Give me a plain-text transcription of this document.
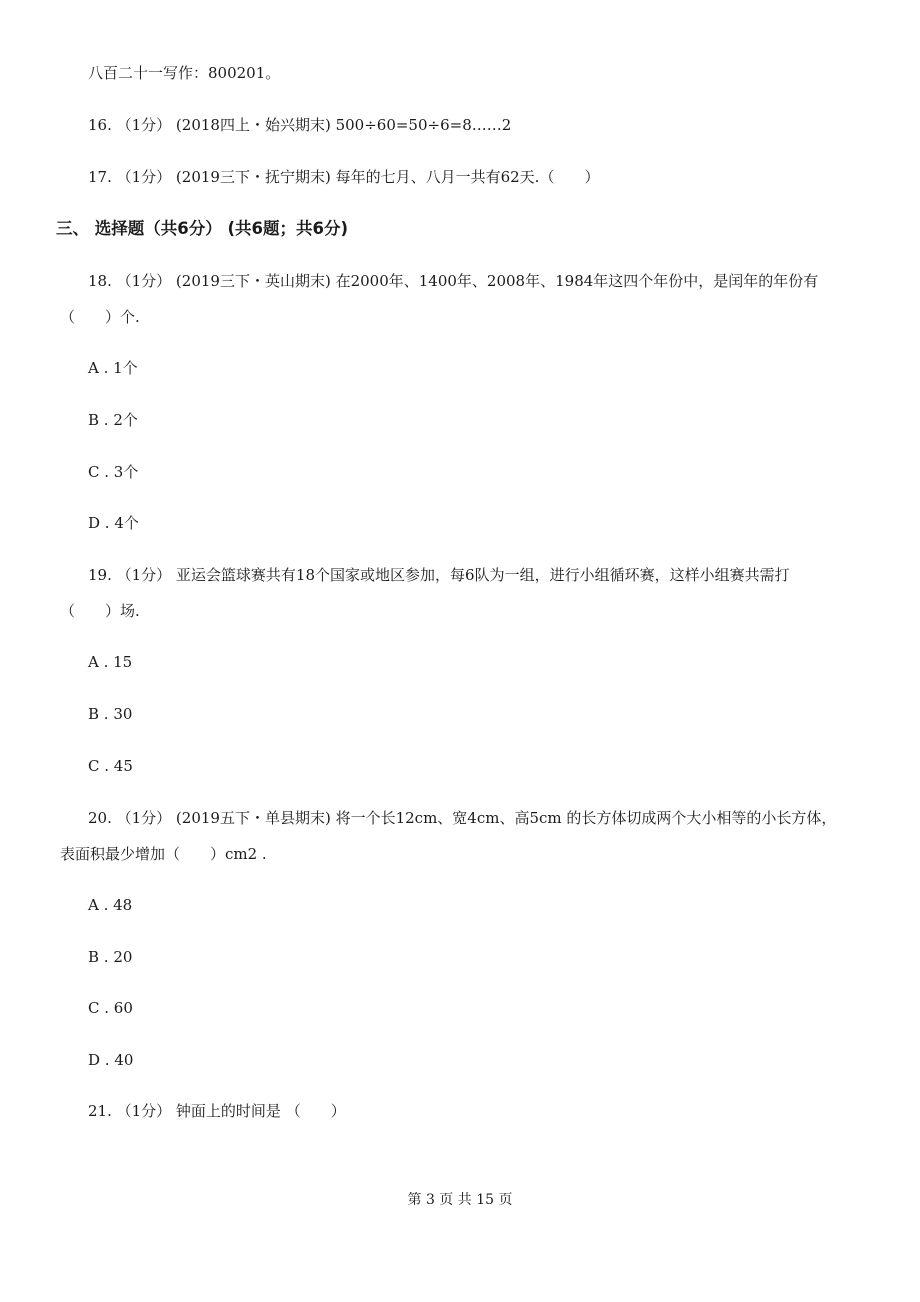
八百二十一写作：800201。
16. （1分） (2018四上・始兴期末) 500÷60=50÷6=8……2
17. （1分） (2019三下・抚宁期末) 每年的七月、八月一共有62天.（　　）
三、 选择题（共6分） (共6题；共6分)
18. （1分） (2019三下・英山期末) 在2000年、1400年、2008年、1984年这四个年份中，是闰年的年份有
（　　）个.
A . 1个
B . 2个
C . 3个
D . 4个
19. （1分） 亚运会篮球赛共有18个国家或地区参加，每6队为一组，进行小组循环赛，这样小组赛共需打
（　　）场.
A . 15
B . 30
C . 45
20. （1分） (2019五下・单县期末) 将一个长12cm、宽4cm、高5cm 的长方体切成两个大小相等的小长方体，
表面积最少增加（　　）cm2 .
A . 48
B . 20
C . 60
D . 40
21. （1分） 钟面上的时间是 （　　）
第 3 页 共 15 页
